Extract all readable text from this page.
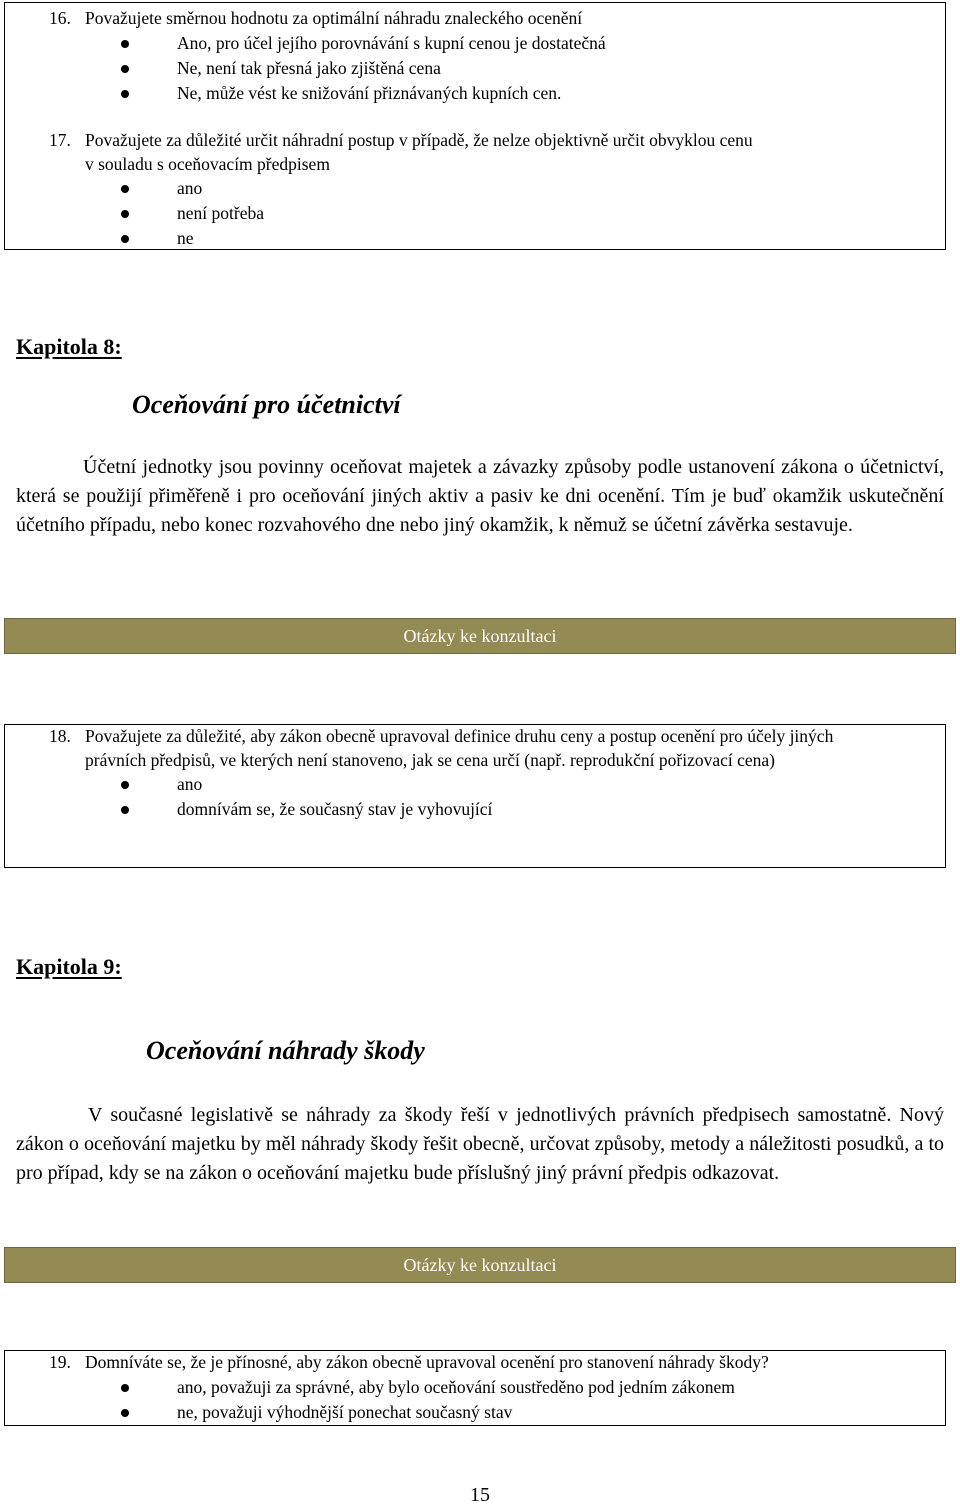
16. Považujete směrnou hodnotu za optimální náhradu znaleckého ocenění
Ano, pro účel jejího porovnávání s kupní cenou je dostatečná
Ne, není tak přesná jako zjištěná cena
Ne, může vést ke snižování přiznávaných kupních cen.
17. Považujete za důležité určit náhradní postup v případě, že nelze objektivně určit obvyklou cenu
v souladu s oceňovacím předpisem
ano
není potřeba
ne
Kapitola 8:
Oceňování pro účetnictví
Účetní jednotky jsou povinny oceňovat majetek a závazky způsoby podle ustanovení zákona o účetnictví, která se použijí přiměřeně i pro oceňování jiných aktiv a pasiv ke dni ocenění. Tím je buď okamžik uskutečnění účetního případu, nebo konec rozvahového dne nebo jiný okamžik, k němuž se účetní závěrka sestavuje.
Otázky ke konzultaci
18. Považujete za důležité, aby zákon obecně upravoval definice druhu ceny a postup ocenění pro účely jiných právních předpisů, ve kterých není stanoveno, jak se cena určí (např. reprodukční pořizovací cena)
ano
domnívám se, že současný stav je vyhovující
Kapitola 9:
Oceňování náhrady škody
V současné legislativě se náhrady za škody řeší v jednotlivých právních předpisech samostatně. Nový zákon o oceňování majetku by měl náhrady škody řešit obecně, určovat způsoby, metody a náležitosti posudků, a to pro případ, kdy se na zákon o oceňování majetku bude příslušný jiný právní předpis odkazovat.
Otázky ke konzultaci
19. Domníváte se, že je přínosné, aby zákon obecně upravoval ocenění pro stanovení náhrady škody?
ano, považuji za správné, aby bylo oceňování soustředěno pod jedním zákonem
ne, považuji výhodnější ponechat současný stav
15
